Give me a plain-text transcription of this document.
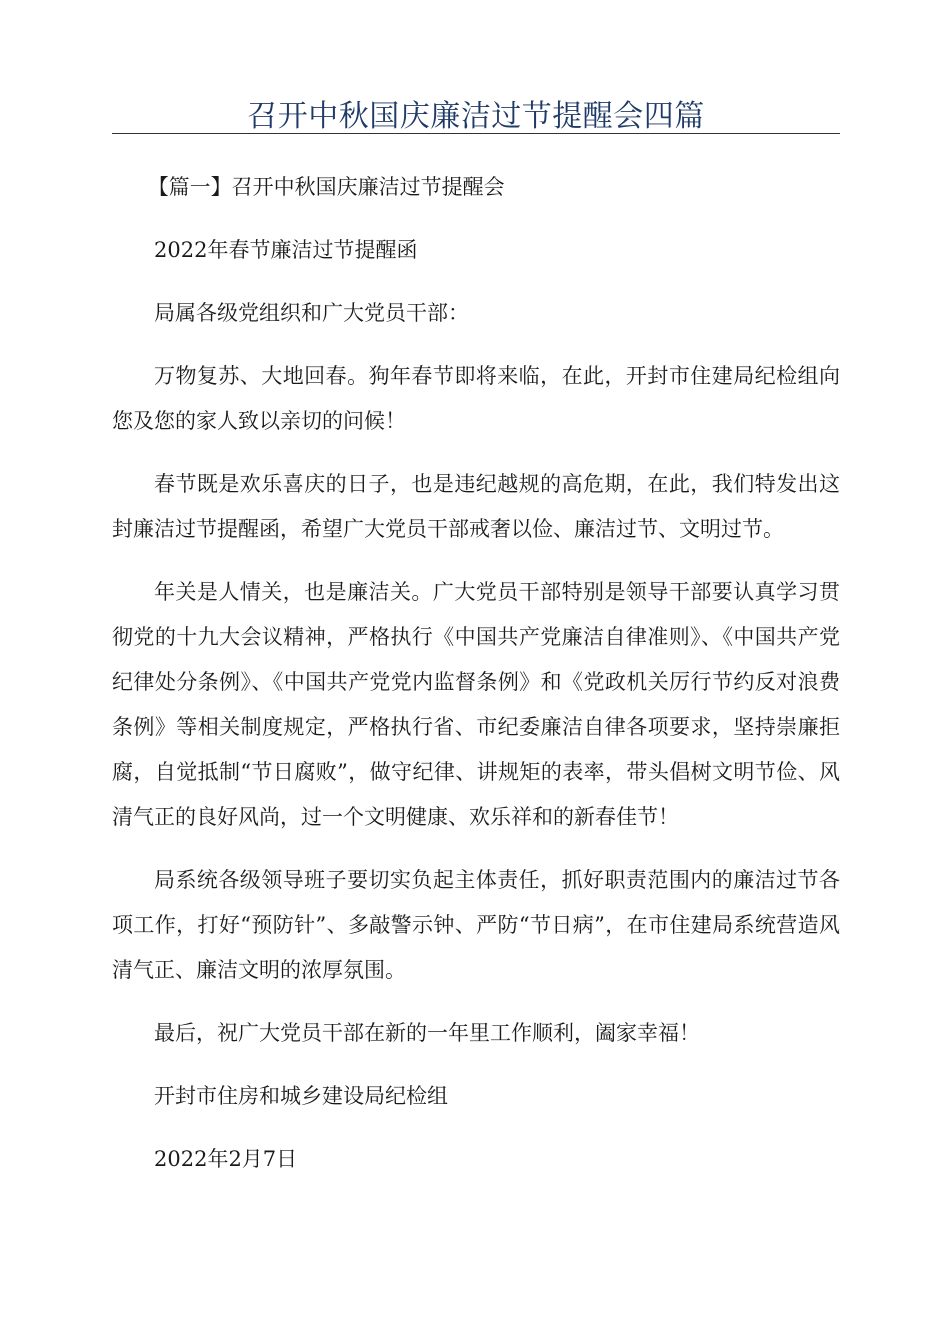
召开中秋国庆廉洁过节提醒会四篇

【篇一】召开中秋国庆廉洁过节提醒会

2022年春节廉洁过节提醒函

局属各级党组织和广大党员干部：

万物复苏、大地回春。狗年春节即将来临，在此，开封市住建局纪检组向您及您的家人致以亲切的问候！

春节既是欢乐喜庆的日子，也是违纪越规的高危期，在此，我们特发出这封廉洁过节提醒函，希望广大党员干部戒奢以俭、廉洁过节、文明过节。

年关是人情关，也是廉洁关。广大党员干部特别是领导干部要认真学习贯彻党的十九大会议精神，严格执行《中国共产党廉洁自律准则》、《中国共产党纪律处分条例》、《中国共产党党内监督条例》和《党政机关厉行节约反对浪费条例》等相关制度规定，严格执行省、市纪委廉洁自律各项要求，坚持崇廉拒腐，自觉抵制“节日腐败”，做守纪律、讲规矩的表率，带头倡树文明节俭、风清气正的良好风尚，过一个文明健康、欢乐祥和的新春佳节！

局系统各级领导班子要切实负起主体责任，抓好职责范围内的廉洁过节各项工作，打好“预防针”、多敲警示钟、严防“节日病”，在市住建局系统营造风清气正、廉洁文明的浓厚氛围。

最后，祝广大党员干部在新的一年里工作顺利，阖家幸福！

开封市住房和城乡建设局纪检组

2022年2月7日
